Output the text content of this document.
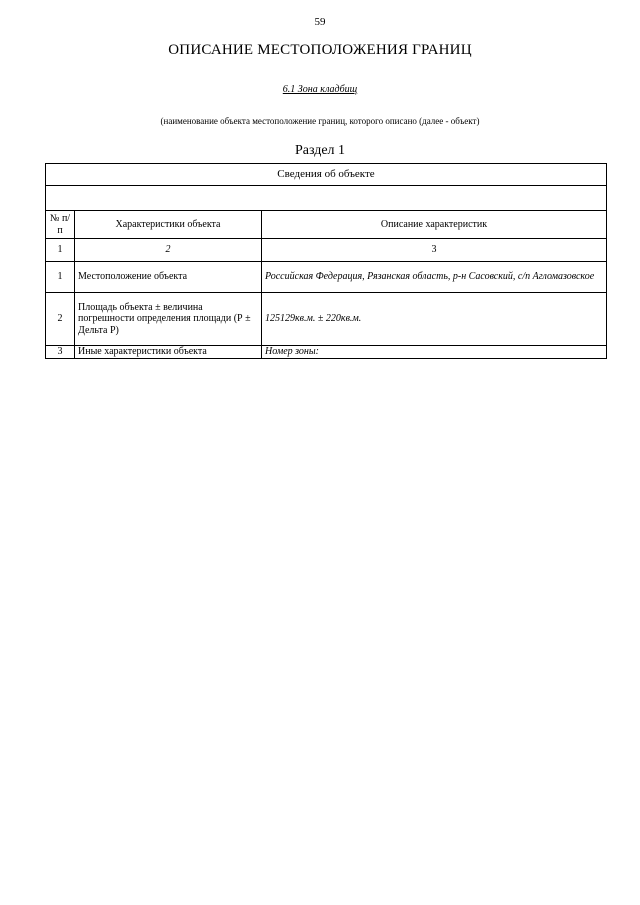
59
ОПИСАНИЕ МЕСТОПОЛОЖЕНИЯ ГРАНИЦ
6.1 Зона кладбищ
(наименование объекта местоположение границ, которого описано (далее - объект)
Раздел 1
Сведения об объекте		

№ п/п	Характеристики объекта	Описание характеристик
1	2	3
1	Местоположение объекта	Российская Федерация, Рязанская область, р-н Сасовский, с/п Агломазовское
2	Площадь объекта ± величина погрешности определения площади (Р ± Дельта Р)	125129кв.м. ± 220кв.м.
3	Иные характеристики объекта	Номер зоны:
